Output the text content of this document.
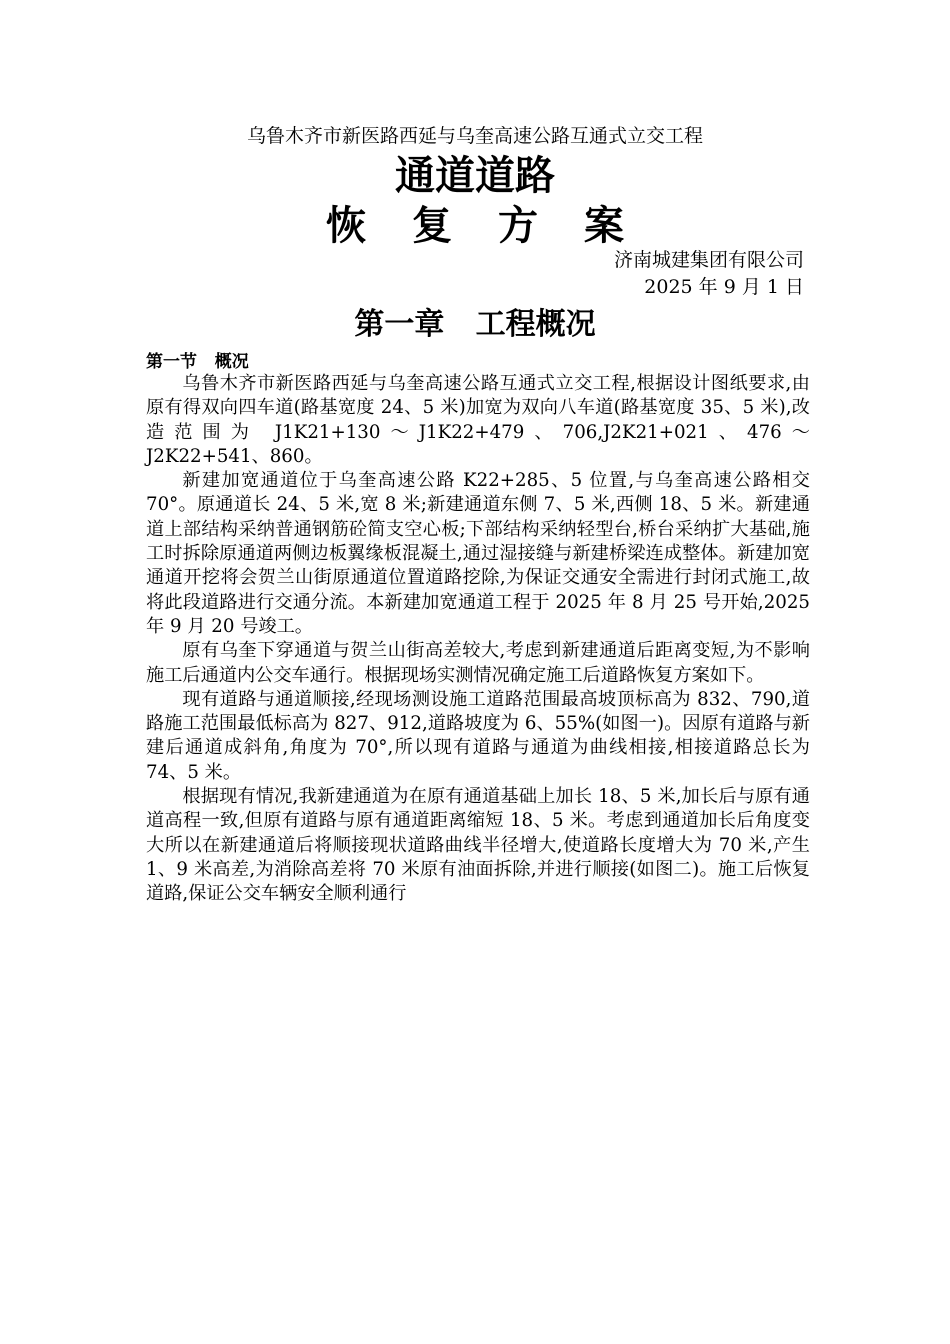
乌鲁木齐市新医路西延与乌奎高速公路互通式立交工程
通道道路
恢复方案
济南城建集团有限公司
2025 年 9 月 1 日
第一章   工程概况
第一节   概况

乌鲁木齐市新医路西延与乌奎高速公路互通式立交工程,根据设计图纸要求,由原有得双向四车道(路基宽度 24、5 米)加宽为双向八车道(路基宽度 35、5 米),改造范围为 J1K21+130～J1K22+479、706,J2K21+021、476～J2K22+541、860。

新建加宽通道位于乌奎高速公路 K22+285、5 位置,与乌奎高速公路相交 70°。原通道长 24、5 米,宽 8 米;新建通道东侧 7、5 米,西侧 18、5 米。新建通道上部结构采纳普通钢筋砼简支空心板;下部结构采纳轻型台,桥台采纳扩大基础,施工时拆除原通道两侧边板翼缘板混凝土,通过湿接缝与新建桥梁连成整体。新建加宽通道开挖将会贺兰山街原通道位置道路挖除,为保证交通安全需进行封闭式施工,故将此段道路进行交通分流。本新建加宽通道工程于 2025 年 8 月 25 号开始,2025 年 9 月 20 号竣工。

原有乌奎下穿通道与贺兰山街高差较大,考虑到新建通道后距离变短,为不影响施工后通道内公交车通行。根据现场实测情况确定施工后道路恢复方案如下。

现有道路与通道顺接,经现场测设施工道路范围最高坡顶标高为 832、790,道路施工范围最低标高为 827、912,道路坡度为 6、55%(如图一)。因原有道路与新建后通道成斜角,角度为 70°,所以现有道路与通道为曲线相接,相接道路总长为 74、5 米。

根据现有情况,我新建通道为在原有通道基础上加长 18、5 米,加长后与原有通道高程一致,但原有道路与原有通道距离缩短 18、5 米。考虑到通道加长后角度变大所以在新建通道后将顺接现状道路曲线半径增大,使道路长度增大为 70 米,产生 1、9 米高差,为消除高差将 70 米原有油面拆除,并进行顺接(如图二)。施工后恢复道路,保证公交车辆安全顺利通行
